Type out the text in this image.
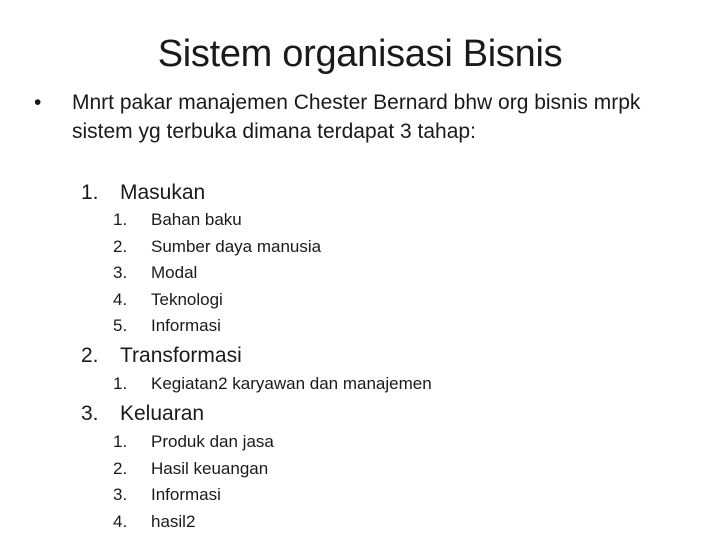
Sistem organisasi Bisnis
•	Mnrt pakar manajemen Chester Bernard bhw org bisnis mrpk sistem yg terbuka dimana terdapat 3 tahap:
1. Masukan
1. Bahan baku
2. Sumber daya manusia
3. Modal
4. Teknologi
5. Informasi
2. Transformasi
1. Kegiatan2 karyawan dan manajemen
3. Keluaran
1. Produk dan jasa
2. Hasil keuangan
3. Informasi
4. hasil2
